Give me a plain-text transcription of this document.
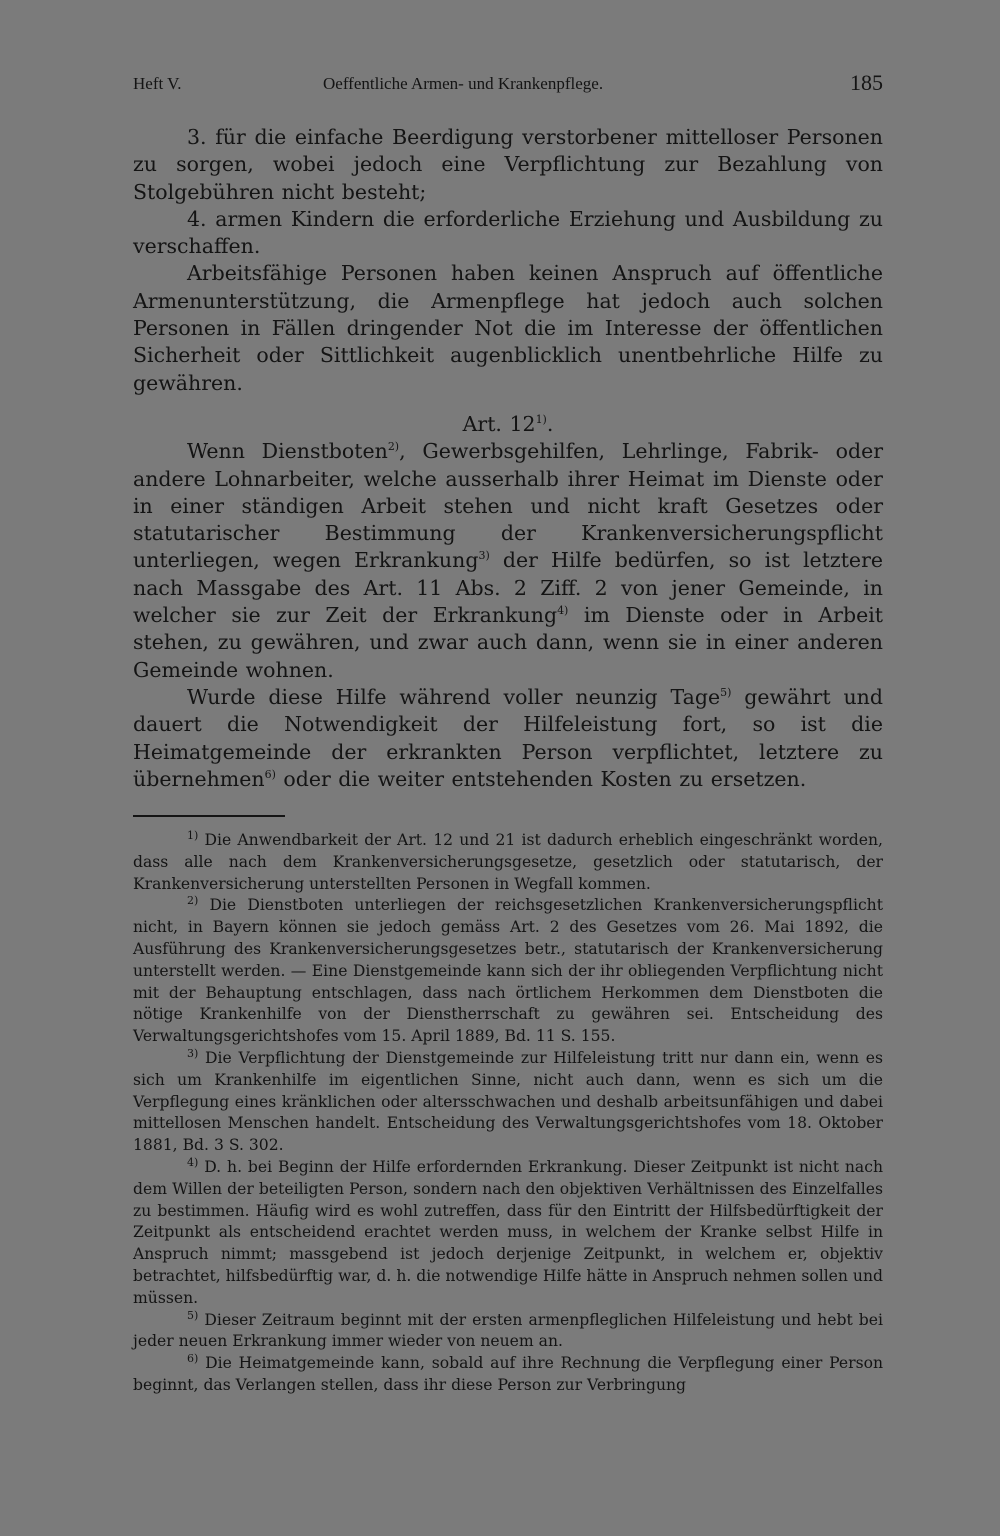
Heft V.	Oeffentliche Armen- und Krankenpflege.	185

3. für die einfache Beerdigung verstorbener mittelloser Personen zu sorgen, wobei jedoch eine Verpflichtung zur Bezahlung von Stolgebühren nicht besteht;

4. armen Kindern die erforderliche Erziehung und Ausbildung zu verschaffen.

Arbeitsfähige Personen haben keinen Anspruch auf öffentliche Armenunterstützung, die Armenpflege hat jedoch auch solchen Personen in Fällen dringender Not die im Interesse der öffentlichen Sicherheit oder Sittlichkeit augenblicklich unentbehrliche Hilfe zu gewähren.

Art. 12$^{1)}$.

Wenn Dienstboten$^{2)}$, Gewerbsgehilfen, Lehrlinge, Fabrik- oder andere Lohnarbeiter, welche ausserhalb ihrer Heimat im Dienste oder in einer ständigen Arbeit stehen und nicht kraft Gesetzes oder statutarischer Bestimmung der Krankenversicherungspflicht unterliegen, wegen Erkrankung$^{3)}$ der Hilfe bedürfen, so ist letztere nach Massgabe des Art. 11 Abs. 2 Ziff. 2 von jener Gemeinde, in welcher sie zur Zeit der Erkrankung$^{4)}$ im Dienste oder in Arbeit stehen, zu gewähren, und zwar auch dann, wenn sie in einer anderen Gemeinde wohnen.

Wurde diese Hilfe während voller neunzig Tage$^{5)}$ gewährt und dauert die Notwendigkeit der Hilfeleistung fort, so ist die Heimatgemeinde der erkrankten Person verpflichtet, letztere zu übernehmen$^{6)}$ oder die weiter entstehenden Kosten zu ersetzen.

$^{1)}$ Die Anwendbarkeit der Art. 12 und 21 ist dadurch erheblich eingeschränkt worden, dass alle nach dem Krankenversicherungsgesetze, gesetzlich oder statutarisch, der Krankenversicherung unterstellten Personen in Wegfall kommen.

$^{2)}$ Die Dienstboten unterliegen der reichsgesetzlichen Krankenversicherungspflicht nicht, in Bayern können sie jedoch gemäss Art. 2 des Gesetzes vom 26. Mai 1892, die Ausführung des Krankenversicherungsgesetzes betr., statutarisch der Krankenversicherung unterstellt werden. — Eine Dienstgemeinde kann sich der ihr obliegenden Verpflichtung nicht mit der Behauptung entschlagen, dass nach örtlichem Herkommen dem Dienstboten die nötige Krankenhilfe von der Dienstherrschaft zu gewähren sei. Entscheidung des Verwaltungsgerichtshofes vom 15. April 1889, Bd. 11 S. 155.

$^{3)}$ Die Verpflichtung der Dienstgemeinde zur Hilfeleistung tritt nur dann ein, wenn es sich um Krankenhilfe im eigentlichen Sinne, nicht auch dann, wenn es sich um die Verpflegung eines kränklichen oder altersschwachen und deshalb arbeitsunfähigen und dabei mittellosen Menschen handelt. Entscheidung des Verwaltungsgerichtshofes vom 18. Oktober 1881, Bd. 3 S. 302.

$^{4)}$ D. h. bei Beginn der Hilfe erfordernden Erkrankung. Dieser Zeitpunkt ist nicht nach dem Willen der beteiligten Person, sondern nach den objektiven Verhältnissen des Einzelfalles zu bestimmen. Häufig wird es wohl zutreffen, dass für den Eintritt der Hilfsbedürftigkeit der Zeitpunkt als entscheidend erachtet werden muss, in welchem der Kranke selbst Hilfe in Anspruch nimmt; massgebend ist jedoch derjenige Zeitpunkt, in welchem er, objektiv betrachtet, hilfsbedürftig war, d. h. die notwendige Hilfe hätte in Anspruch nehmen sollen und müssen.

$^{5)}$ Dieser Zeitraum beginnt mit der ersten armenpfleglichen Hilfeleistung und hebt bei jeder neuen Erkrankung immer wieder von neuem an.

$^{6)}$ Die Heimatgemeinde kann, sobald auf ihre Rechnung die Verpflegung einer Person beginnt, das Verlangen stellen, dass ihr diese Person zur Verbringung
